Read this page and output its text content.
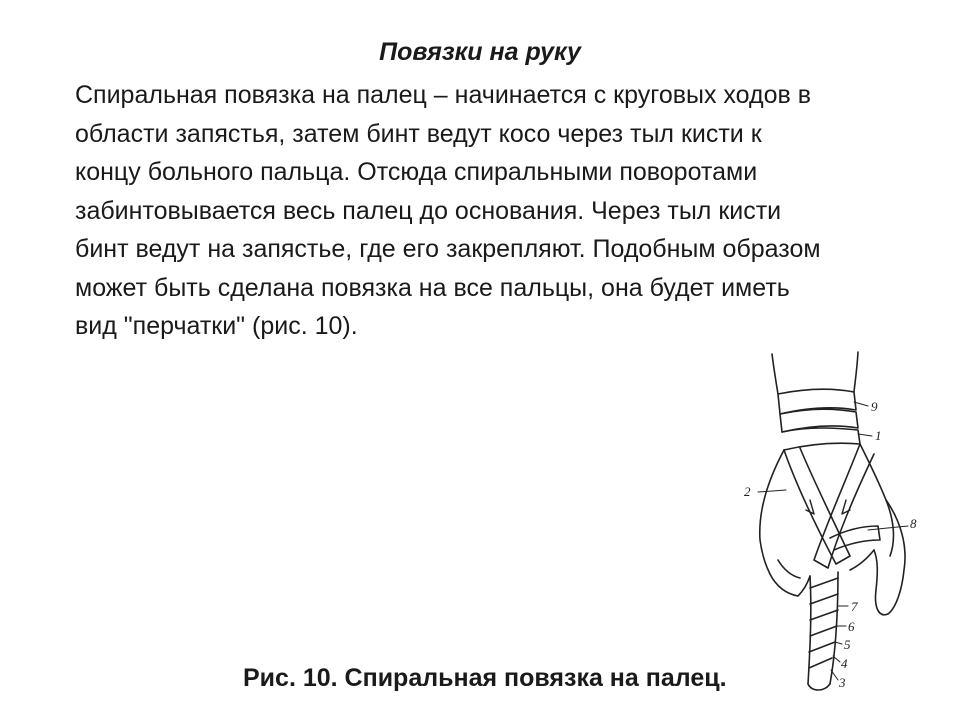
Повязки на руку

Спиральная повязка на палец – начинается с круговых ходов в
области запястья, затем бинт ведут косо через тыл кисти к
концу больного пальца. Отсюда спиральными поворотами
забинтовывается весь палец до основания. Через тыл кисти
бинт ведут на запястье, где его закрепляют. Подобным образом
может быть сделана повязка на все пальцы, она будет иметь
вид "перчатки" (рис. 10).

9
1
2
8
7
6
5
4
3

Рис. 10. Спиральная повязка на палец.
